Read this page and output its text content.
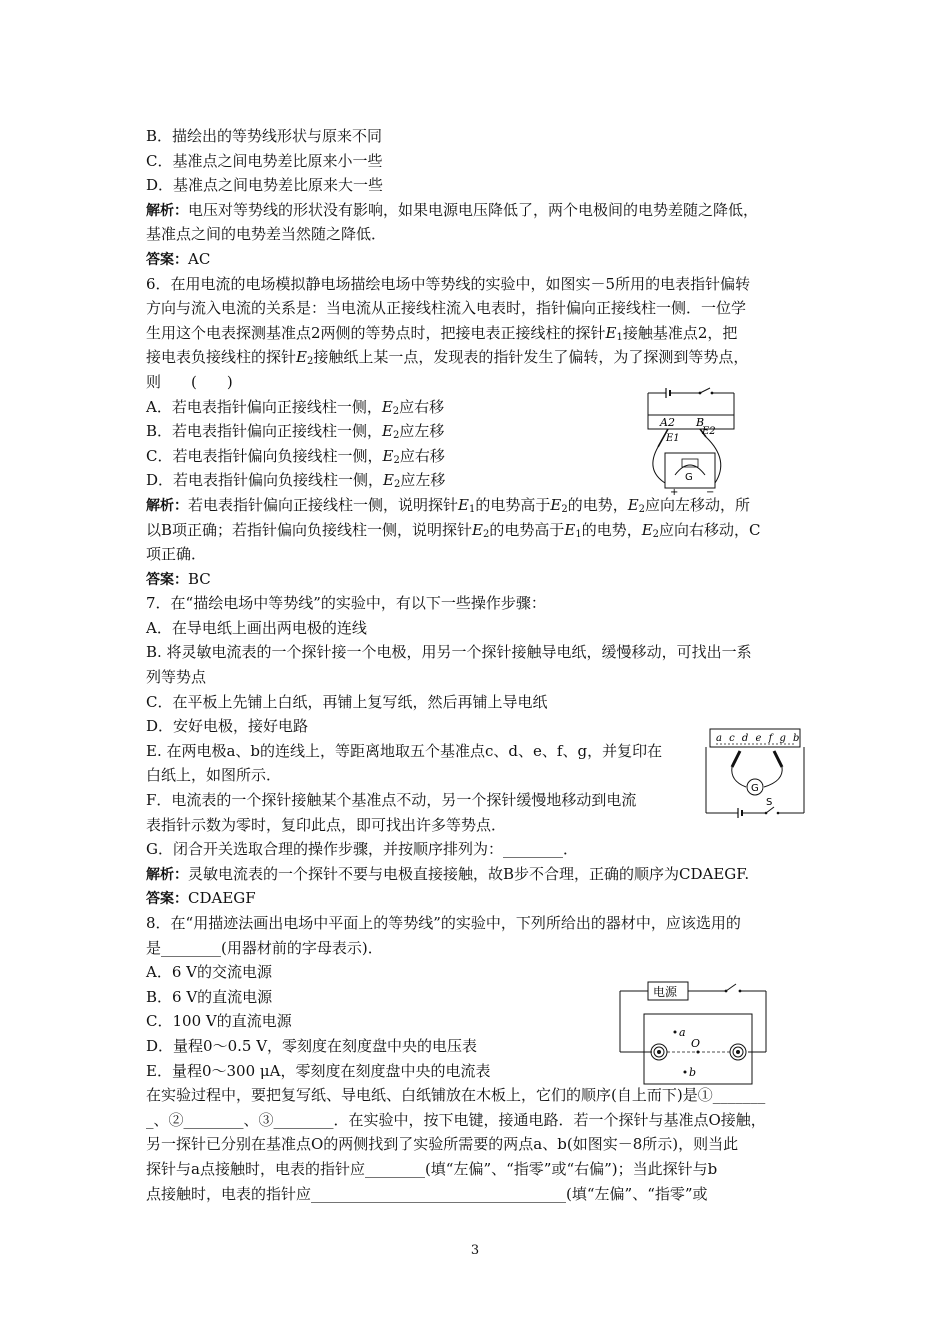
B．描绘出的等势线形状与原来不同
C．基准点之间电势差比原来小一些
D．基准点之间电势差比原来大一些
解析：电压对等势线的形状没有影响，如果电源电压降低了，两个电极间的电势差随之降低，
基准点之间的电势差当然随之降低．
答案：AC
6．在用电流的电场模拟静电场描绘电场中等势线的实验中，如图实－5所用的电表指针偏转
方向与流入电流的关系是：当电流从正接线柱流入电表时，指针偏向正接线柱一侧．一位学
生用这个电表探测基准点2两侧的等势点时，把接电表正接线柱的探针$E_1$接触基准点2，把
接电表负接线柱的探针$E_2$接触纸上某一点，发现表的指针发生了偏转，为了探测到等势点，
则　　(　　)
A．若电表指针偏向正接线柱一侧，$E_2$应右移
B．若电表指针偏向正接线柱一侧，$E_2$应左移
C．若电表指针偏向负接线柱一侧，$E_2$应右移
D．若电表指针偏向负接线柱一侧，$E_2$应左移
解析：若电表指针偏向正接线柱一侧，说明探针$E_1$的电势高于$E_2$的电势，$E_2$应向左移动，所
以B项正确；若指针偏向负接线柱一侧，说明探针$E_2$的电势高于$E_1$的电势，$E_2$应向右移动，C
项正确．
答案：BC
7．在“描绘电场中等势线”的实验中，有以下一些操作步骤：
A．在导电纸上画出两电极的连线
B. 将灵敏电流表的一个探针接一个电极，用另一个探针接触导电纸，缓慢移动，可找出一系
列等势点
C．在平板上先铺上白纸，再铺上复写纸，然后再铺上导电纸
D．安好电极，接好电路
E. 在两电极a、b的连线上，等距离地取五个基准点c、d、e、f、g，并复印在
白纸上，如图所示．
F．电流表的一个探针接触某个基准点不动，另一个探针缓慢地移动到电流
表指针示数为零时，复印此点，即可找出许多等势点．
G．闭合开关选取合理的操作步骤，并按顺序排列为：________．
解析：灵敏电流表的一个探针不要与电极直接接触，故B步不合理，正确的顺序为CDAEGF.
答案：CDAEGF
8．在“用描迹法画出电场中平面上的等势线”的实验中，下列所给出的器材中，应该选用的
是________(用器材前的字母表示)．
A．6 V的交流电源
B．6 V的直流电源
C．100 V的直流电源
D．量程0～0.5 V，零刻度在刻度盘中央的电压表
E．量程0～300 μA，零刻度在刻度盘中央的电流表
在实验过程中，要把复写纸、导电纸、白纸铺放在木板上，它们的顺序(自上而下)是①_______
_、②________、③________．在实验中，按下电键，接通电路．若一个探针与基准点O接触，
另一探针已分别在基准点O的两侧找到了实验所需要的两点a、b(如图实－8所示)，则当此
探针与a点接触时，电表的指针应________(填“左偏”、“指零”或“右偏”)；当此探针与b
点接触时，电表的指针应__________________________________(填“左偏”、“指零”或
A2 B
E2
E1
G
+	−
a c d e f g b
S
G
电源
O
a
b
3
